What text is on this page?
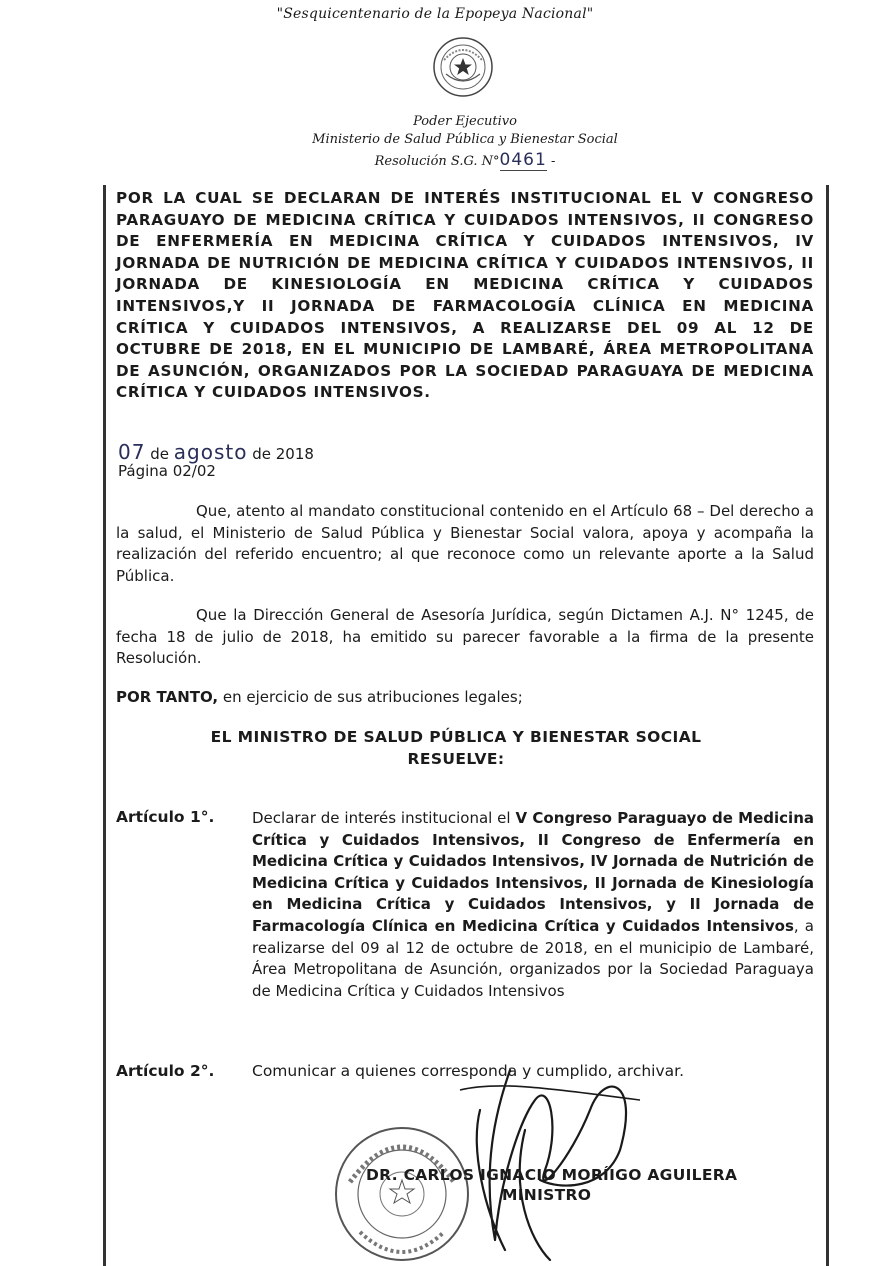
"Sesquicentenario de la Epopeya Nacional"
Poder Ejecutivo
Ministerio de Salud Pública y Bienestar Social
Resolución S.G. N°0461 -
POR LA CUAL SE DECLARAN DE INTERÉS INSTITUCIONAL EL V CONGRESO PARAGUAYO DE MEDICINA CRÍTICA Y CUIDADOS INTENSIVOS, II CONGRESO DE ENFERMERÍA EN MEDICINA CRÍTICA Y CUIDADOS INTENSIVOS, IV JORNADA DE NUTRICIÓN DE MEDICINA CRÍTICA Y CUIDADOS INTENSIVOS, II JORNADA DE KINESIOLOGÍA EN MEDICINA CRÍTICA Y CUIDADOS INTENSIVOS,Y II JORNADA DE FARMACOLOGÍA CLÍNICA EN MEDICINA CRÍTICA Y CUIDADOS INTENSIVOS, A REALIZARSE DEL 09 AL 12 DE OCTUBRE DE 2018, EN EL MUNICIPIO DE LAMBARÉ, ÁREA METROPOLITANA DE ASUNCIÓN, ORGANIZADOS POR LA SOCIEDAD PARAGUAYA DE MEDICINA CRÍTICA Y CUIDADOS INTENSIVOS.
07 de agosto de 2018
Página 02/02
Que, atento al mandato constitucional contenido en el Artículo 68 – Del derecho a la salud, el Ministerio de Salud Pública y Bienestar Social valora, apoya y acompaña la realización del referido encuentro; al que reconoce como un relevante aporte a la Salud Pública.
Que la Dirección General de Asesoría Jurídica, según Dictamen A.J. N° 1245, de fecha 18 de julio de 2018, ha emitido su parecer favorable a la firma de la presente Resolución.
POR TANTO, en ejercicio de sus atribuciones legales;
EL MINISTRO DE SALUD PÚBLICA Y BIENESTAR SOCIAL
RESUELVE:
Artículo 1°.	Declarar de interés institucional el V Congreso Paraguayo de Medicina Crítica y Cuidados Intensivos, II Congreso de Enfermería en Medicina Crítica y Cuidados Intensivos, IV Jornada de Nutrición de Medicina Crítica y Cuidados Intensivos, II Jornada de Kinesiología en Medicina Crítica y Cuidados Intensivos, y II Jornada de Farmacología Clínica en Medicina Crítica y Cuidados Intensivos, a realizarse del 09 al 12 de octubre de 2018, en el municipio de Lambaré, Área Metropolitana de Asunción, organizados por la Sociedad Paraguaya de Medicina Crítica y Cuidados Intensivos
Artículo 2°. Comunicar a quienes corresponda y cumplido, archivar.
DR. CARLOS IGNACIO MORÍIGO AGUILERA
MINISTRO
